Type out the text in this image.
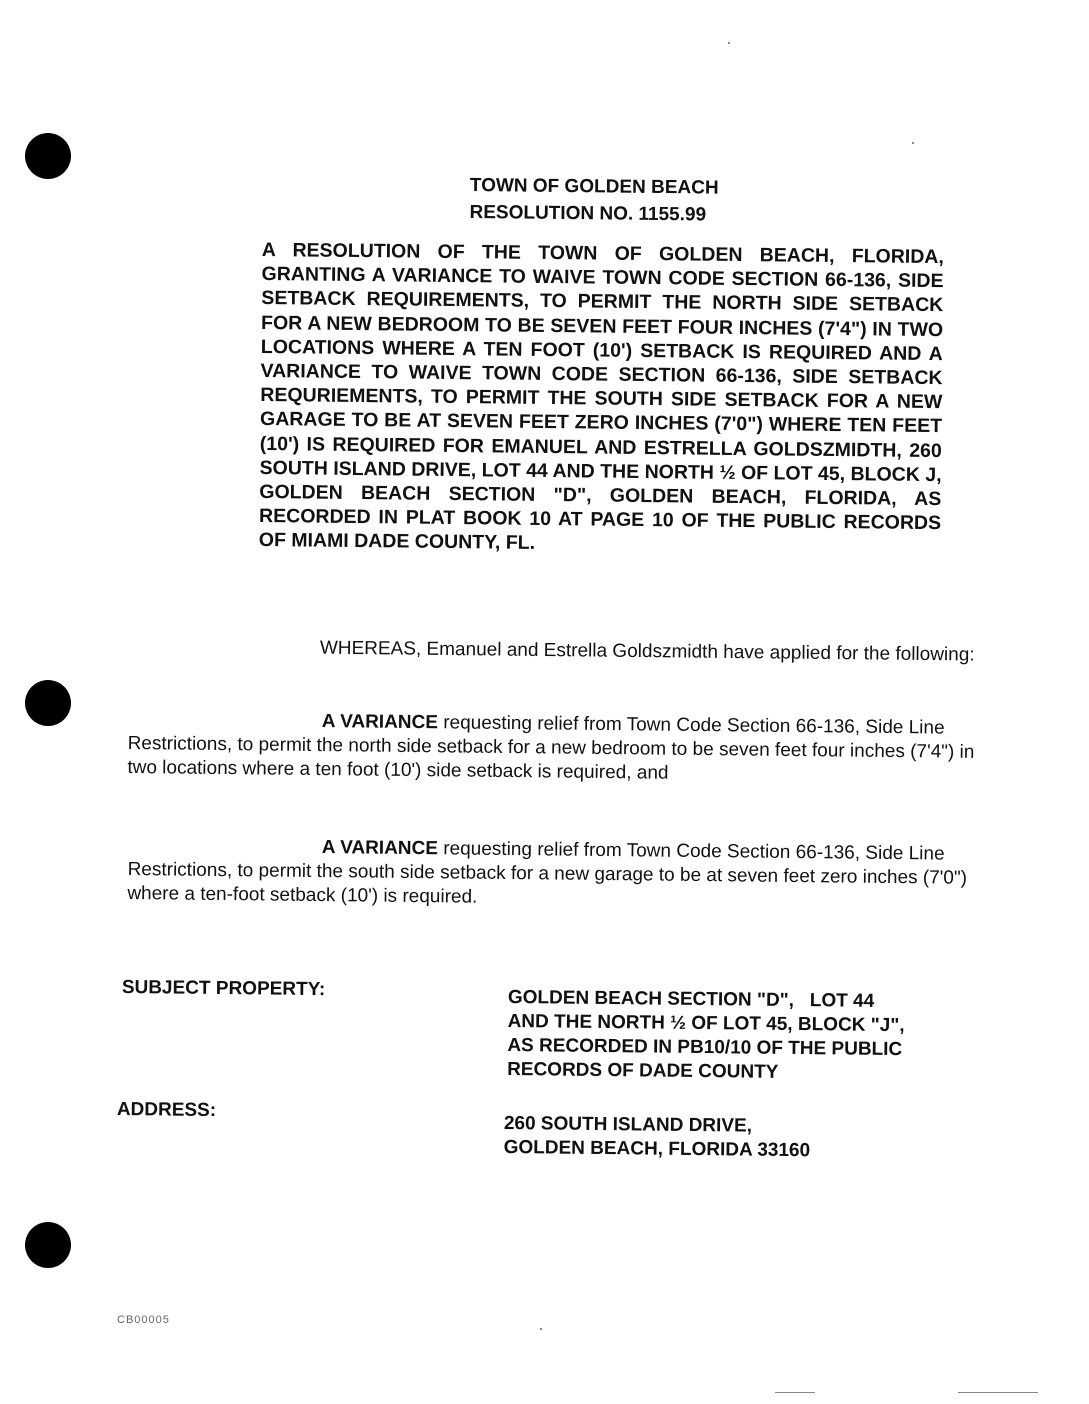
TOWN OF GOLDEN BEACH
RESOLUTION NO. 1155.99
A RESOLUTION OF THE TOWN OF GOLDEN BEACH, FLORIDA, GRANTING A VARIANCE TO WAIVE TOWN CODE SECTION 66-136, SIDE SETBACK REQUIREMENTS, TO PERMIT THE NORTH SIDE SETBACK FOR A NEW BEDROOM TO BE SEVEN FEET FOUR INCHES (7'4") IN TWO LOCATIONS WHERE A TEN FOOT (10') SETBACK IS REQUIRED AND A VARIANCE TO WAIVE TOWN CODE SECTION 66-136, SIDE SETBACK REQURIEMENTS, TO PERMIT THE SOUTH SIDE SETBACK FOR A NEW GARAGE TO BE AT SEVEN FEET ZERO INCHES (7'0") WHERE TEN FEET (10') IS REQUIRED FOR EMANUEL AND ESTRELLA GOLDSZMIDTH, 260 SOUTH ISLAND DRIVE, LOT 44 AND THE NORTH ½ OF LOT 45, BLOCK J, GOLDEN BEACH SECTION "D", GOLDEN BEACH, FLORIDA, AS RECORDED IN PLAT BOOK 10 AT PAGE 10 OF THE PUBLIC RECORDS OF MIAMI DADE COUNTY, FL.
WHEREAS, Emanuel and Estrella Goldszmidth have applied for the following:
A VARIANCE requesting relief from Town Code Section 66-136, Side Line Restrictions, to permit the north side setback for a new bedroom to be seven feet four inches (7'4") in two locations where a ten foot (10') side setback is required, and
A VARIANCE requesting relief from Town Code Section 66-136, Side Line Restrictions, to permit the south side setback for a new garage to be at seven feet zero inches (7'0") where a ten-foot setback (10') is required.
SUBJECT PROPERTY:	GOLDEN BEACH SECTION "D",   LOT 44
AND THE NORTH ½ OF LOT 45, BLOCK "J",
AS RECORDED IN PB10/10 OF THE PUBLIC
RECORDS OF DADE COUNTY
ADDRESS:
260 SOUTH ISLAND DRIVE,
GOLDEN BEACH, FLORIDA 33160
CB00005
